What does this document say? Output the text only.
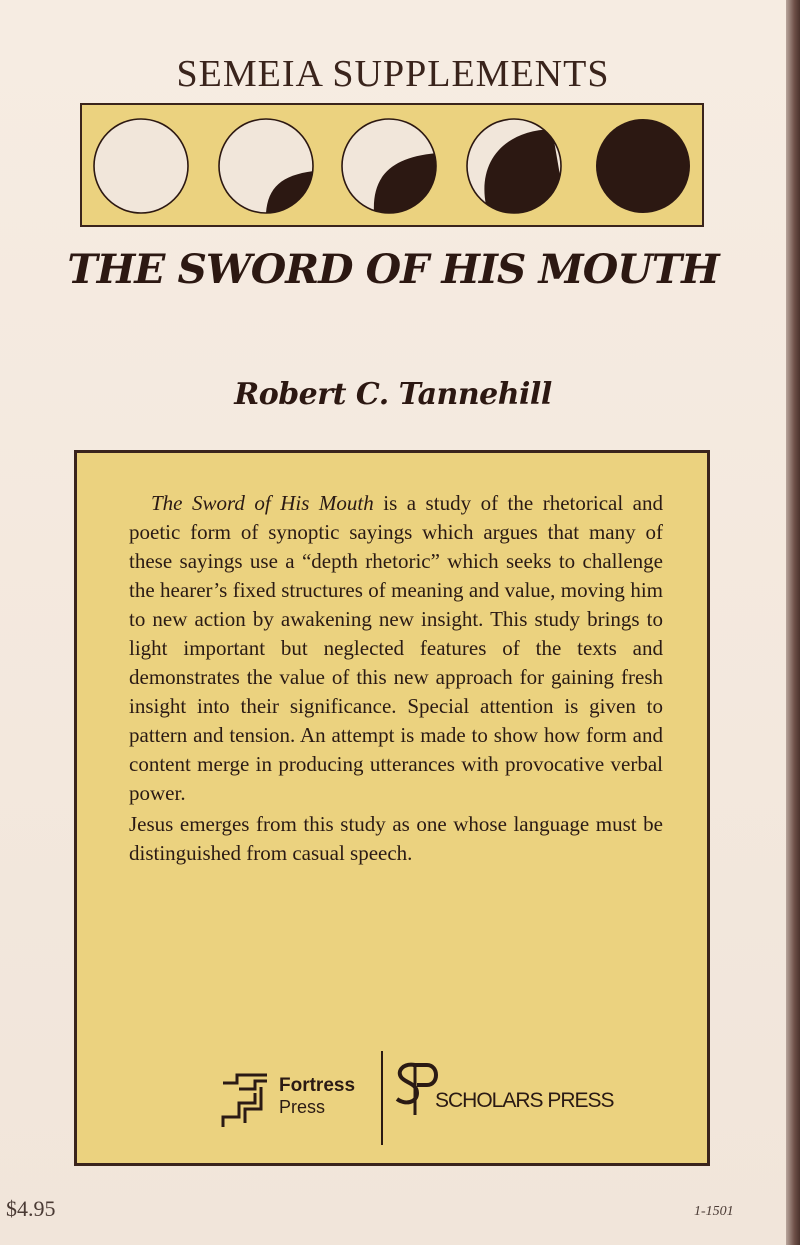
SEMEIA SUPPLEMENTS
THE SWORD OF HIS MOUTH
Robert C. Tannehill

The Sword of His Mouth is a study of the rhetorical and poetic form of synoptic sayings which argues that many of these sayings use a “depth rhetoric” which seeks to challenge the hearer’s fixed structures of meaning and value, moving him to new action by awakening new insight. This study brings to light important but neglected features of the texts and demonstrates the value of this new approach for gaining fresh insight into their significance. Special attention is given to pattern and tension. An attempt is made to show how form and content merge in producing utterances with provocative verbal power.

Jesus emerges from this study as one whose language must be distinguished from casual speech.

Fortress
Press	SCHOLARS PRESS
$4.95	1-1501
